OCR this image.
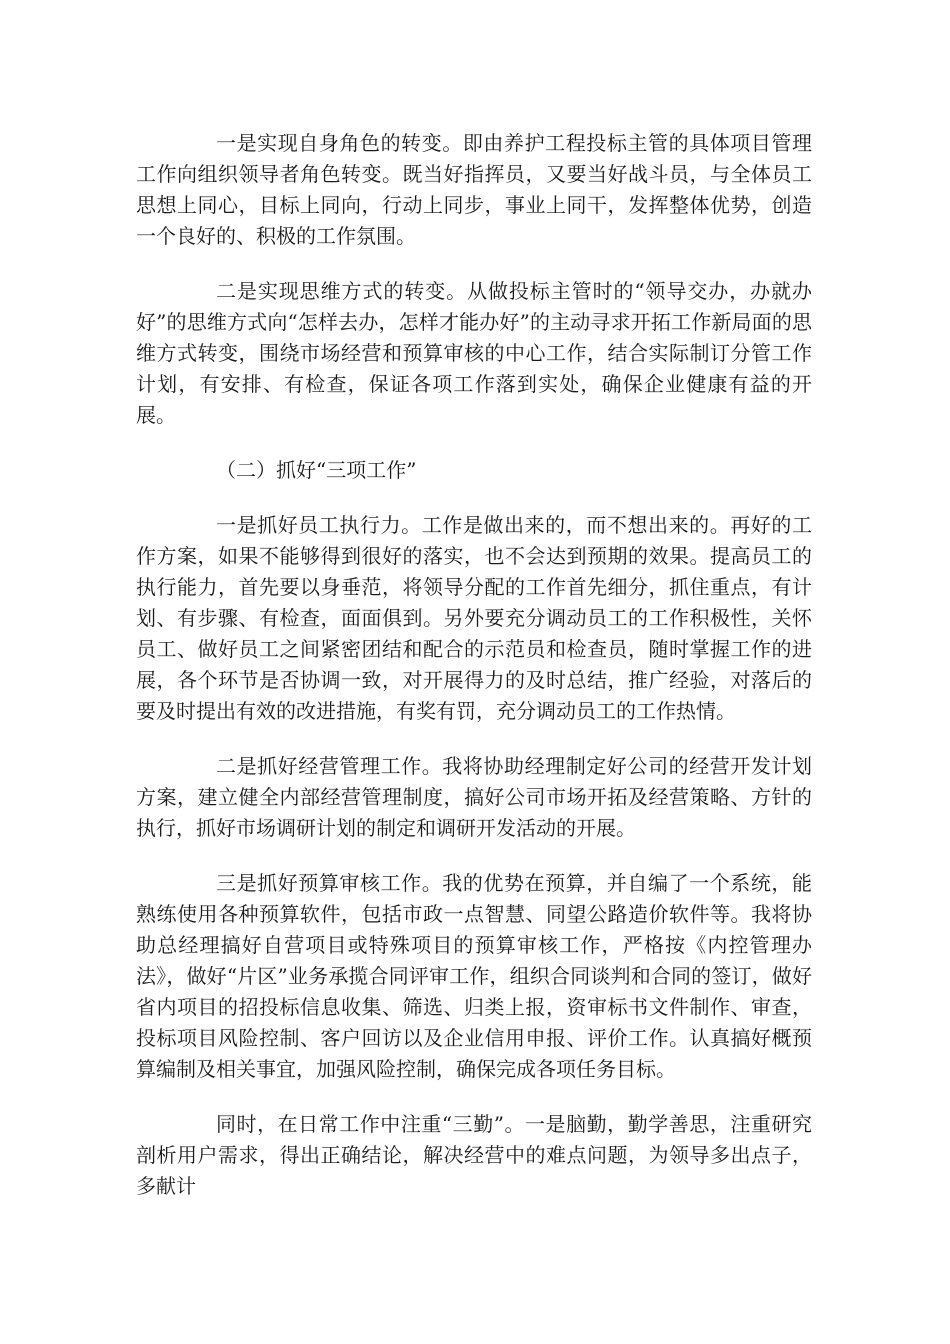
一是实现自身角色的转变。即由养护工程投标主管的具体项目管理工作向组织领导者角色转变。既当好指挥员，又要当好战斗员，与全体员工思想上同心，目标上同向，行动上同步，事业上同干，发挥整体优势，创造一个良好的、积极的工作氛围。

二是实现思维方式的转变。从做投标主管时的“领导交办，办就办好”的思维方式向“怎样去办，怎样才能办好”的主动寻求开拓工作新局面的思维方式转变，围绕市场经营和预算审核的中心工作，结合实际制订分管工作计划，有安排、有检查，保证各项工作落到实处，确保企业健康有益的开展。

（二）抓好“三项工作”

一是抓好员工执行力。工作是做出来的，而不想出来的。再好的工作方案，如果不能够得到很好的落实，也不会达到预期的效果。提高员工的执行能力，首先要以身垂范，将领导分配的工作首先细分，抓住重点，有计划、有步骤、有检查，面面俱到。另外要充分调动员工的工作积极性，关怀员工、做好员工之间紧密团结和配合的示范员和检查员，随时掌握工作的进展，各个环节是否协调一致，对开展得力的及时总结，推广经验，对落后的要及时提出有效的改进措施，有奖有罚，充分调动员工的工作热情。

二是抓好经营管理工作。我将协助经理制定好公司的经营开发计划方案，建立健全内部经营管理制度，搞好公司市场开拓及经营策略、方针的执行，抓好市场调研计划的制定和调研开发活动的开展。

三是抓好预算审核工作。我的优势在预算，并自编了一个系统，能熟练使用各种预算软件，包括市政一点智慧、同望公路造价软件等。我将协助总经理搞好自营项目或特殊项目的预算审核工作，严格按《内控管理办法》，做好“片区”业务承揽合同评审工作，组织合同谈判和合同的签订，做好省内项目的招投标信息收集、筛选、归类上报，资审标书文件制作、审查，投标项目风险控制、客户回访以及企业信用申报、评价工作。认真搞好概预算编制及相关事宜，加强风险控制，确保完成各项任务目标。

同时，在日常工作中注重“三勤”。一是脑勤，勤学善思，注重研究剖析用户需求，得出正确结论，解决经营中的难点问题，为领导多出点子，多献计
